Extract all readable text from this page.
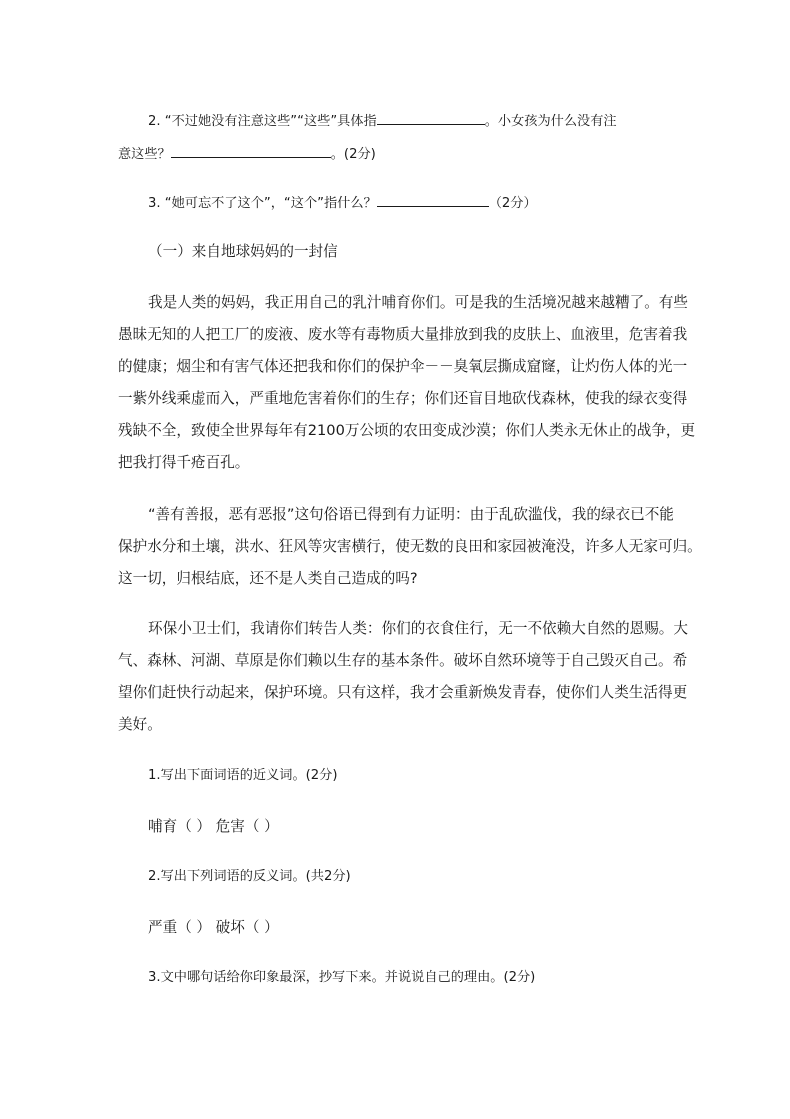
2. “不过她没有注意这些”“这些”具体指	。小女孩为什么没有注
意这些？	。(2分)
3. “她可忘不了这个”，“这个”指什么？	（2分）
（一）来自地球妈妈的一封信
我是人类的妈妈，我正用自己的乳汁哺育你们。可是我的生活境况越来越糟了。有些
愚昧无知的人把工厂的废液、废水等有毒物质大量排放到我的皮肤上、血液里，危害着我
的健康；烟尘和有害气体还把我和你们的保护伞－－臭氧层撕成窟窿，让灼伤人体的光一
一紫外线乘虚而入，严重地危害着你们的生存；你们还盲目地砍伐森林，使我的绿衣变得
残缺不全，致使全世界每年有2100万公顷的农田变成沙漠；你们人类永无休止的战争，更
把我打得千疮百孔。
“善有善报，恶有恶报”这句俗语已得到有力证明：由于乱砍滥伐，我的绿衣已不能
保护水分和土壤，洪水、狂风等灾害横行，使无数的良田和家园被淹没，许多人无家可归。
这一切，归根结底，还不是人类自己造成的吗?
环保小卫士们，我请你们转告人类：你们的衣食住行，无一不依赖大自然的恩赐。大
气、森林、河湖、草原是你们赖以生存的基本条件。破坏自然环境等于自己毁灭自己。希
望你们赶快行动起来，保护环境。只有这样，我才会重新焕发青春，使你们人类生活得更
美好。
1.写出下面词语的近义词。(2分)
哺育（ ） 危害（ ）
2.写出下列词语的反义词。(共2分)
严重（ ） 破坏（ ）
3.文中哪句话给你印象最深，抄写下来。并说说自己的理由。(2分)
